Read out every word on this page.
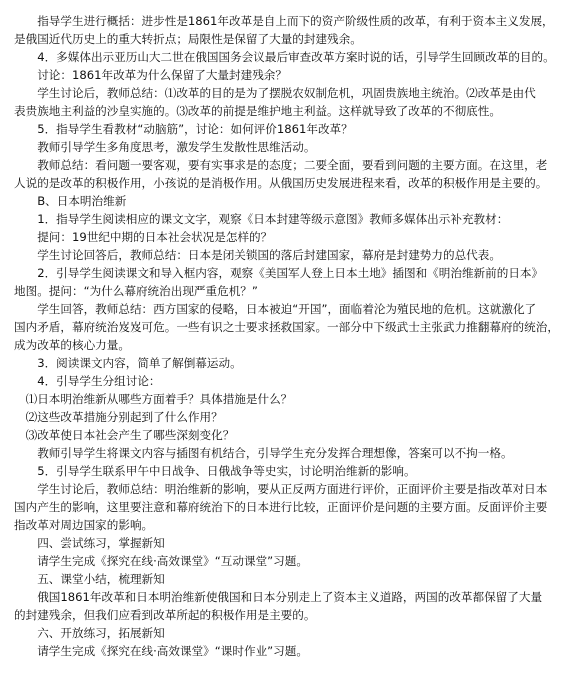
　　指导学生进行概括：进步性是1861年改革是自上而下的资产阶级性质的改革，有利于资本主义发展，
是俄国近代历史上的重大转折点；局限性是保留了大量的封建残余。
　　4．多媒体出示亚历山大二世在俄国国务会议最后审查改革方案时说的话，引导学生回顾改革的目的。
　　讨论：1861年改革为什么保留了大量封建残余？
　　学生讨论后，教师总结：⑴改革的目的是为了摆脱农奴制危机，巩固贵族地主统治。⑵改革是由代
表贵族地主利益的沙皇实施的。⑶改革的前提是维护地主利益。这样就导致了改革的不彻底性。
　　5．指导学生看教材“动脑筋”，讨论：如何评价1861年改革？
　　教师引导学生多角度思考，激发学生发散性思维活动。
　　教师总结：看问题一要客观，要有实事求是的态度；二要全面，要看到问题的主要方面。在这里，老
人说的是改革的积极作用，小孩说的是消极作用。从俄国历史发展进程来看，改革的积极作用是主要的。
　　B、日本明治维新
　　1．指导学生阅读相应的课文文字，观察《日本封建等级示意图》教师多媒体出示补充教材：
　　提问：19世纪中期的日本社会状况是怎样的？
　　学生讨论回答后，教师总结：日本是闭关锁国的落后封建国家，幕府是封建势力的总代表。
　　2．引导学生阅读课文和导入框内容，观察《美国军人登上日本土地》插图和《明治维新前的日本》
地图。提问：“为什么幕府统治出现严重危机？”
　　学生回答，教师总结：西方国家的侵略，日本被迫“开国”，面临着沦为殖民地的危机。这就激化了
国内矛盾，幕府统治岌岌可危。一些有识之士要求拯救国家。一部分中下级武士主张武力推翻幕府的统治，
成为改革的核心力量。
　　3．阅读课文内容，简单了解倒幕运动。
　　4．引导学生分组讨论：
　⑴日本明治维新从哪些方面着手？具体措施是什么？
　⑵这些改革措施分别起到了什么作用？
　⑶改革使日本社会产生了哪些深刻变化？
　　教师引导学生将课文内容与插图有机结合，引导学生充分发挥合理想像，答案可以不拘一格。
　　5．引导学生联系甲午中日战争、日俄战争等史实，讨论明治维新的影响。
　　学生讨论后，教师总结：明治维新的影响，要从正反两方面进行评价，正面评价主要是指改革对日本
国内产生的影响，这里要注意和幕府统治下的日本进行比较，正面评价是问题的主要方面。反面评价主要
指改革对周边国家的影响。
　　四、尝试练习，掌握新知
　　请学生完成《探究在线·高效课堂》“互动课堂”习题。
　　五、课堂小结，梳理新知
　　俄国1861年改革和日本明治维新使俄国和日本分别走上了资本主义道路，两国的改革都保留了大量
的封建残余，但我们应看到改革所起的积极作用是主要的。
　　六、开放练习，拓展新知
　　请学生完成《探究在线·高效课堂》“课时作业”习题。
